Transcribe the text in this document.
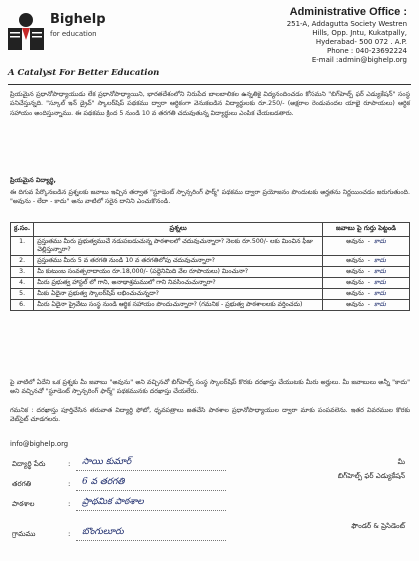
Bighelp
for education
A Catalyst For Better Education
Administrative Office :
251-A, Addagutta Society Westren
Hills, Opp. Jntu, Kukatpally,
Hyderabad- 500 072 . A.P.
Phone : 040-23692224
E-mail :admin@bighelp.org
ప్రియమైన ప్రధానోపాధ్యాయుడు లేక ప్రధానోపాధ్యాయిని, భారతదేశంలోని నిరుపేద బాలబాలికల ఉన్నతికై విద్యనందించడం కోసమని "బిగ్‌హెల్ప్ ఫర్ ఎడ్యుకేషన్" సంస్థ పనిచేస్తున్నది. "స్కూల్ ఇన్ డ్రైవ్" స్కాలర్‌షిప్ పథకము ద్వారా ఆర్థికంగా వెనుకబడిన విద్యార్థులకు రూ.250/- (అక్షరాల రెండువందల యాభై రూపాయలు) ఆర్థిక సహాయం అందిస్తున్నాము. ఈ పథకము క్రింద 5 నుండి 10 వ తరగతి చదువుతున్న విద్యార్థులు ఎంపిక చేయబడతారు.
ప్రియమైన విద్యార్థి,
ఈ దిగువ పేర్కొనబడిన ప్రశ్నలకు జవాబు ఇచ్చిన తర్వాత "స్టూడెంట్ స్పాన్సరింగ్ ఫార్మ్" పథకము ద్వారా ప్రయోజనం పొందుటకు అర్హతను నిర్ణయించడం జరుగుతుంది. "అవును - లేదా - కాదు" అను వాటిలో సరైన దానిని ఎంచుకొనండి.
క్ర.సం.	ప్రశ్నలు	జవాబు పై గుర్తు పెట్టండి
1.	ప్రస్తుతము మీరు ప్రభుత్వముచే నడుపబడుచున్న పాఠశాలలో చదువుచున్నారా? నెలకు రూ.500/- లకు మించిన ఫీజు చెల్లిస్తున్నారా?	అవును - కాదు
2.	ప్రస్తుతము మీరు 5 వ తరగతి నుండి 10 వ తరగతిలోపు చదువుచున్నారా?	అవును - కాదు
3.	మీ కుటుంబ సంవత్సరాదాయం రూ.18,000/- (పద్దెనిమిది వేల రూపాయలు) మించునా?	అవును - కాదు
4.	మీరు ప్రభుత్వ హాస్టల్ లో గాని, అనాథాశ్రమములో గాని నివసించుచున్నారా?	అవును - కాదు
5.	మీకు ఏదైనా ప్రభుత్వ స్కాలర్‌షిప్ లభించుచున్నదా?	అవును - కాదు
6.	మీరు ఏదైనా ప్రైవేటు సంస్థ నుండి ఆర్థిక సహాయం పొందుచున్నారా? (గమనిక - ప్రభుత్వ పాఠశాలలకు వర్తించదు)	అవును - కాదు
పై వాటిలో ఏదేని ఒక ప్రశ్నకు మీ జవాబు "అవును" అని వచ్చినచో బిగ్‌హెల్ప్ సంస్థ స్కాలర్‌షిప్ కొరకు దరఖాస్తు చేయుటకు మీరు అర్హులు. మీ జవాబులు అన్నీ "కాదు" అని వచ్చినచో "స్టూడెంట్ స్పాన్సరింగ్ ఫార్మ్" పథకమునకు దరఖాస్తు చేయలేరు.
గమనిక : దరఖాస్తు పూర్తిచేసిన తరువాత విద్యార్థి ఫోటో, ధృవపత్రాలు జతచేసి పాఠశాల ప్రధానోపాధ్యాయుల ద్వారా మాకు పంపవలెను. ఇతర వివరముల కొరకు వెబ్‌సైట్ చూడగలరు.
info@bighelp.org
విద్యార్థి పేరు	: సాయి కుమార్	మీ
తరగతి	: 6 వ తరగతి
బిగ్‌హెల్ప్ ఫర్ ఎడ్యుకేషన్
పాఠశాల	: ప్రాథమిక పాఠశాల
ఫౌండర్ & ప్రెసిడెంట్
గ్రామము	: బొంగులూరు
